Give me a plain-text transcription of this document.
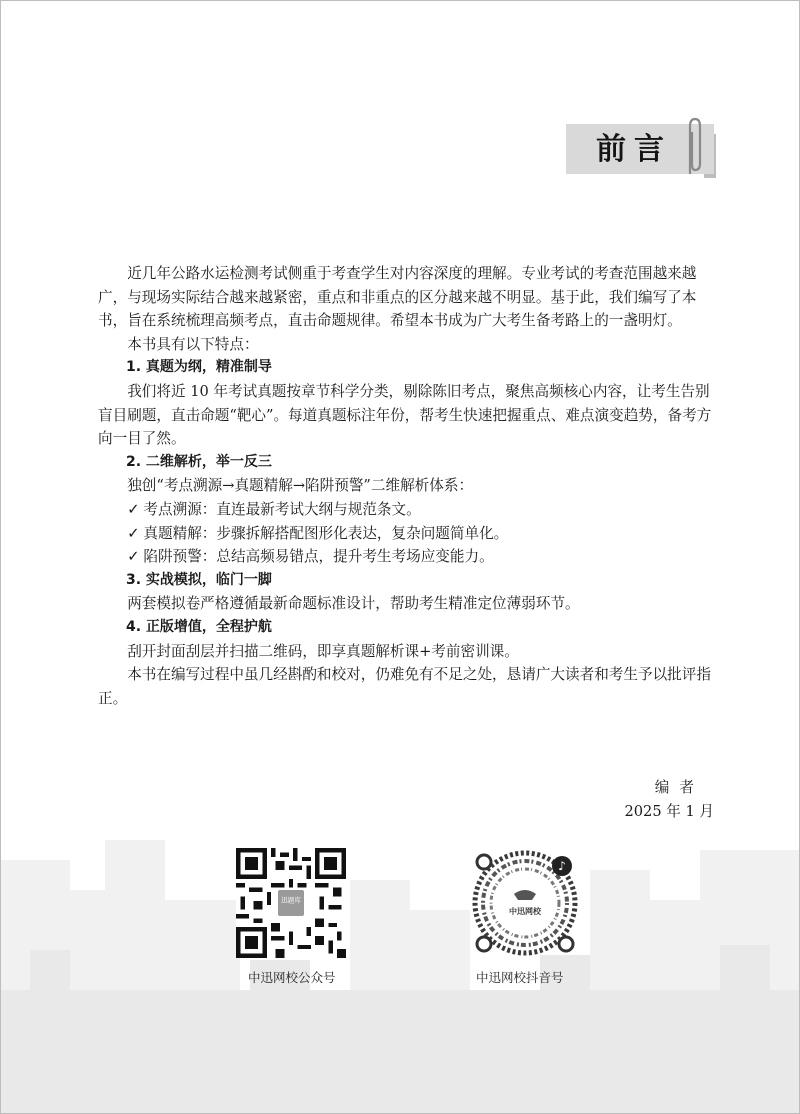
前言

近几年公路水运检测考试侧重于考查学生对内容深度的理解。专业考试的考查范围越来越广，与现场实际结合越来越紧密，重点和非重点的区分越来越不明显。基于此，我们编写了本书，旨在系统梳理高频考点，直击命题规律。希望本书成为广大考生备考路上的一盏明灯。

本书具有以下特点：

1. 真题为纲，精准制导

我们将近 10 年考试真题按章节科学分类，剔除陈旧考点，聚焦高频核心内容，让考生告别盲目刷题，直击命题“靶心”。每道真题标注年份，帮考生快速把握重点、难点演变趋势，备考方向一目了然。

2. 二维解析，举一反三

独创“考点溯源→真题精解→陷阱预警”二维解析体系：

✓ 考点溯源：直连最新考试大纲与规范条文。

✓ 真题精解：步骤拆解搭配图形化表达，复杂问题简单化。

✓ 陷阱预警：总结高频易错点，提升考生考场应变能力。

3. 实战模拟，临门一脚

两套模拟卷严格遵循最新命题标准设计，帮助考生精准定位薄弱环节。

4. 正版增值，全程护航

刮开封面刮层并扫描二维码，即享真题解析课+考前密训课。

本书在编写过程中虽几经斟酌和校对，仍难免有不足之处，恳请广大读者和考生予以批评指正。

编者
2025 年 1 月
迅题库
中迅网校公众号
♪
中迅网校
中迅网校抖音号
